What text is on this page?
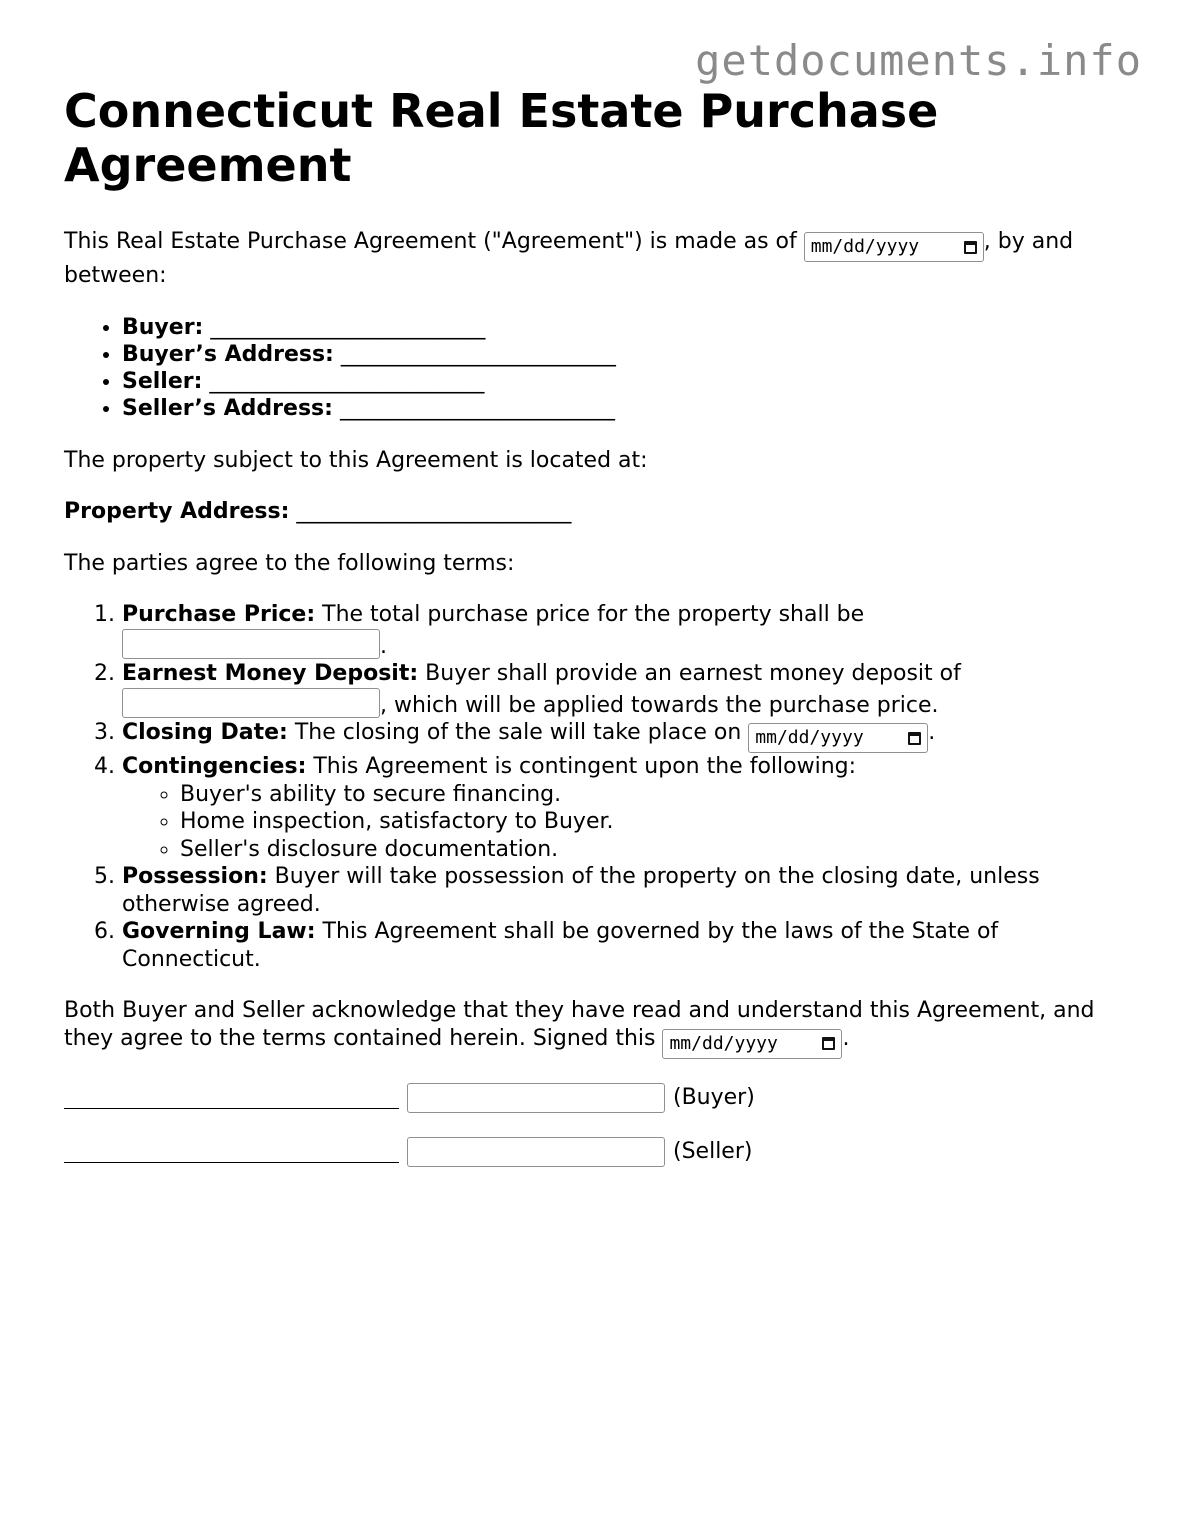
getdocuments.info
Connecticut Real Estate Purchase Agreement

This Real Estate Purchase Agreement ("Agreement") is made as of mm/dd/yyyy	, by and between:

• Buyer: _________________________
• Buyer’s Address: _________________________
• Seller: _________________________
• Seller’s Address: _________________________

The property subject to this Agreement is located at:

Property Address: _________________________

The parties agree to the following terms:

1. Purchase Price: The total purchase price for the property shall be
.
2. Earnest Money Deposit: Buyer shall provide an earnest money deposit of
, which will be applied towards the purchase price.
3. Closing Date: The closing of the sale will take place on mm/dd/yyyy	.
4. Contingencies: This Agreement is contingent upon the following:
◦ Buyer's ability to secure financing.
◦ Home inspection, satisfactory to Buyer.
◦ Seller's disclosure documentation.
5. Possession: Buyer will take possession of the property on the closing date, unless otherwise agreed.
6. Governing Law: This Agreement shall be governed by the laws of the State of Connecticut.

Both Buyer and Seller acknowledge that they have read and understand this Agreement, and they agree to the terms contained herein. Signed this mm/dd/yyyy	.

(Buyer)
(Seller)
